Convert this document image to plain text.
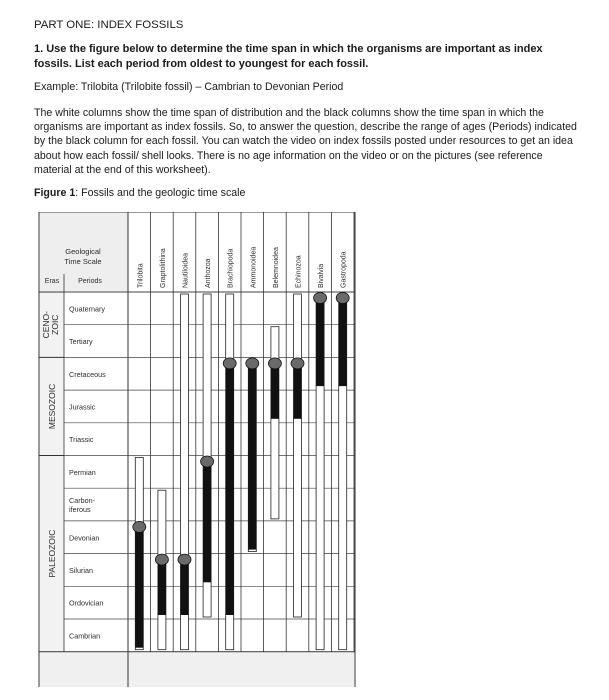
PART ONE: INDEX FOSSILS
1. Use the figure below to determine the time span in which the organisms are important as index fossils. List each period from oldest to youngest for each fossil.
Example: Trilobita (Trilobite fossil) – Cambrian to Devonian Period
The white columns show the time span of distribution and the black columns show the time span in which the organisms are important as index fossils. So, to answer the question, describe the range of ages (Periods) indicated by the black column for each fossil. You can watch the video on index fossils posted under resources to get an idea about how each fossil/ shell looks. There is no age information on the video or on the pictures (see reference material at the end of this worksheet).
Figure 1: Fossils and the geologic time scale
Geological
Time Scale
Eras	Periods
CENO- ZOIC
MESOZOIC
PALEOZOIC
Quaternary
Tertiary
Cretaceous
Jurassic
Triassic
Permian
Carbon-
iferous
Devonian
Silurian
Ordovician
Cambrian
Trilobita Graptolithina Nautiloidea Anthozoa Brachiopoda Ammonoidea Belemnoidea Echinozoa Bivalvia Gastropoda
